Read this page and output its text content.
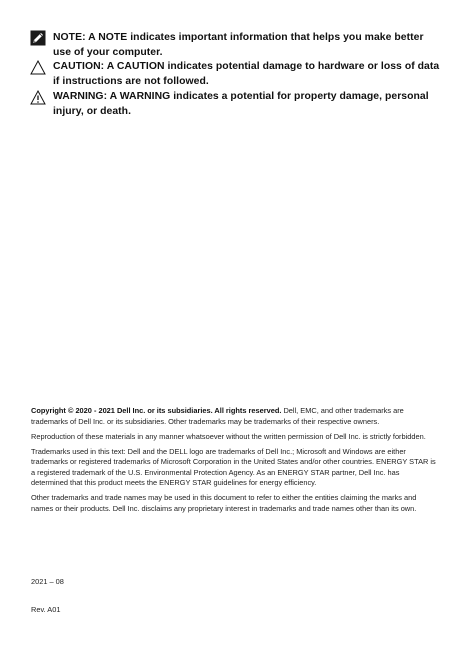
NOTE: A NOTE indicates important information that helps you make better use of your computer.
CAUTION: A CAUTION indicates potential damage to hardware or loss of data if instructions are not followed.
WARNING: A WARNING indicates a potential for property damage, personal injury, or death.

Copyright © 2020 - 2021 Dell Inc. or its subsidiaries. All rights reserved. Dell, EMC, and other trademarks are trademarks of Dell Inc. or its subsidiaries. Other trademarks may be trademarks of their respective owners.

Reproduction of these materials in any manner whatsoever without the written permission of Dell Inc. is strictly forbidden.

Trademarks used in this text: Dell and the DELL logo are trademarks of Dell Inc.; Microsoft and Windows are either trademarks or registered trademarks of Microsoft Corporation in the United States and/or other countries. ENERGY STAR is a registered trademark of the U.S. Environmental Protection Agency. As an ENERGY STAR partner, Dell Inc. has determined that this product meets the ENERGY STAR guidelines for energy efficiency.

Other trademarks and trade names may be used in this document to refer to either the entities claiming the marks and names or their products. Dell Inc. disclaims any proprietary interest in trademarks and trade names other than its own.

2021 – 08
Rev. A01
